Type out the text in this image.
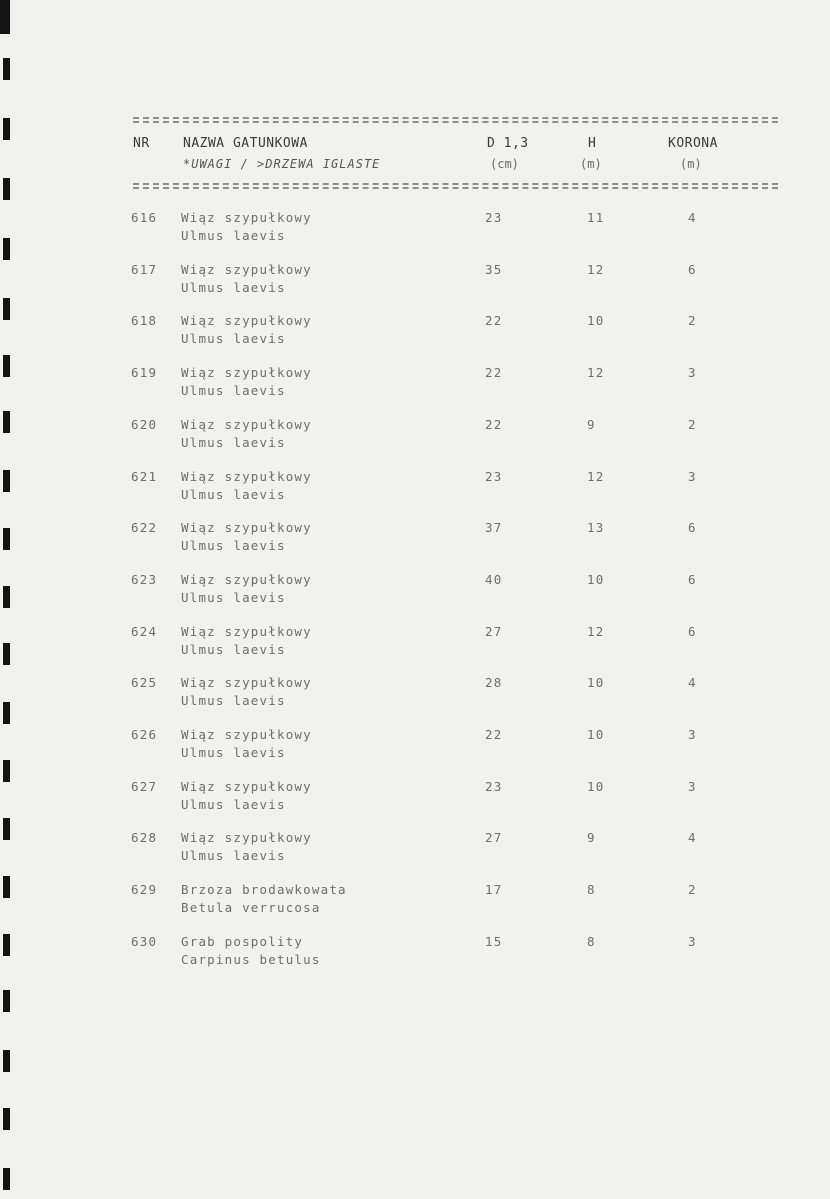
NR	NAZWA GATUNKOWA	D 1,3	H	KORONA
*UWAGI / >DRZEWA IGLASTE	(cm)	(m)	(m)
616 Wiąz szypułkowy
Ulmus laevis
23	11	4
617 Wiąz szypułkowy
Ulmus laevis
35	12	6
618 Wiąz szypułkowy
Ulmus laevis
22	10	2
619 Wiąz szypułkowy
Ulmus laevis
22	12	3
620 Wiąz szypułkowy
Ulmus laevis
22	9	2
621 Wiąz szypułkowy
Ulmus laevis
23	12	3
622 Wiąz szypułkowy
Ulmus laevis
37	13	6
623 Wiąz szypułkowy
Ulmus laevis
40	10	6
624 Wiąz szypułkowy
Ulmus laevis
27	12	6
625 Wiąz szypułkowy
Ulmus laevis
28	10	4
626 Wiąz szypułkowy
Ulmus laevis
22	10	3
627 Wiąz szypułkowy
Ulmus laevis
23	10	3
628 Wiąz szypułkowy
Ulmus laevis
27	9	4
629 Brzoza brodawkowata
Betula verrucosa
17	8	2
630 Grab pospolity
Carpinus betulus
15	8	3
